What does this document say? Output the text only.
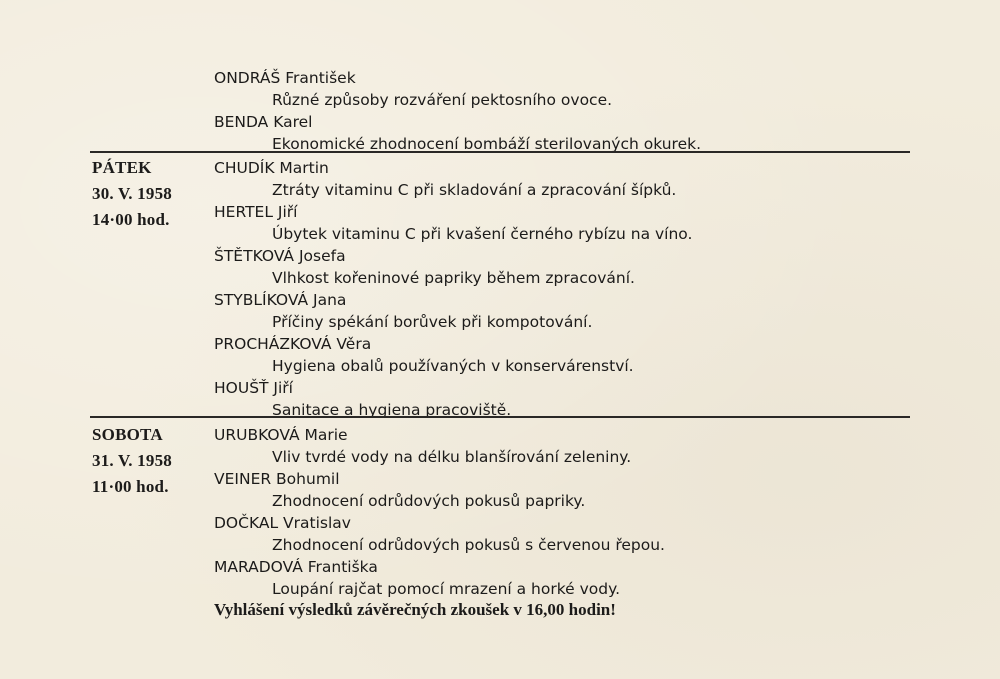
ONDRÁŠ František
Různé způsoby rozváření pektosního ovoce.
BENDA Karel
Ekonomické zhodnocení bombáží sterilovaných okurek.
PÁTEK
30. V. 1958
14·00 hod.
CHUDÍK Martin
Ztráty vitaminu C při skladování a zpracování šípků.
HERTEL Jiří
Úbytek vitaminu C při kvašení černého rybízu na víno.
ŠTĚTKOVÁ Josefa
Vlhkost kořeninové papriky během zpracování.
STYBLÍKOVÁ Jana
Příčiny spékání borůvek při kompotování.
PROCHÁZKOVÁ Věra
Hygiena obalů používaných v konservárenství.
HOUŠŤ Jiří
Sanitace a hygiena pracoviště.
SOBOTA
31. V. 1958
11·00 hod.
URUBKOVÁ Marie
Vliv tvrdé vody na délku blanšírování zeleniny.
VEINER Bohumil
Zhodnocení odrůdových pokusů papriky.
DOČKAL Vratislav
Zhodnocení odrůdových pokusů s červenou řepou.
MARADOVÁ Františka
Loupání rajčat pomocí mrazení a horké vody.
Vyhlášení výsledků závěrečných zkoušek v 16,00 hodin!
